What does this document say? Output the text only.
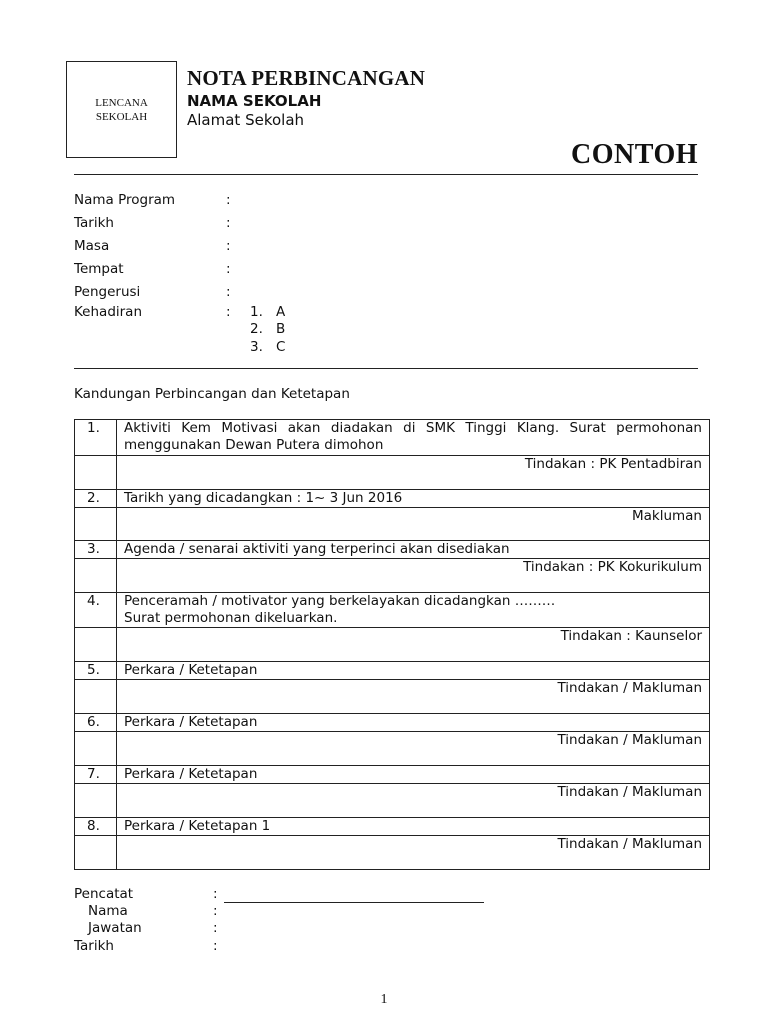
LENCANA
SEKOLAH
NOTA PERBINCANGAN
NAMA SEKOLAH
Alamat Sekolah
CONTOH
Nama Program	:
Tarikh	:
Masa	:
Tempat	:
Pengerusi	:
Kehadiran	: 1. A
2. B
3. C
Kandungan Perbincangan dan Ketetapan
1.	Aktiviti Kem Motivasi akan diadakan di SMK Tinggi Klang. Surat permohonan menggunakan Dewan Putera dimohon
	Tindakan : PK Pentadbiran
2.	Tarikh yang dicadangkan : 1~ 3 Jun 2016
	Makluman
3.	Agenda / senarai aktiviti yang terperinci akan disediakan
	Tindakan : PK Kokurikulum
4.	Penceramah / motivator yang berkelayakan dicadangkan ………
Surat permohonan dikeluarkan.

	Tindakan : Kaunselor
5.	Perkara / Ketetapan
	Tindakan / Makluman
6.	Perkara / Ketetapan
	Tindakan / Makluman
7.	Perkara / Ketetapan
	Tindakan / Makluman
8.	Perkara / Ketetapan 1
	Tindakan / Makluman
Pencatat	:
Nama	:
Jawatan	:
Tarikh	:
1
